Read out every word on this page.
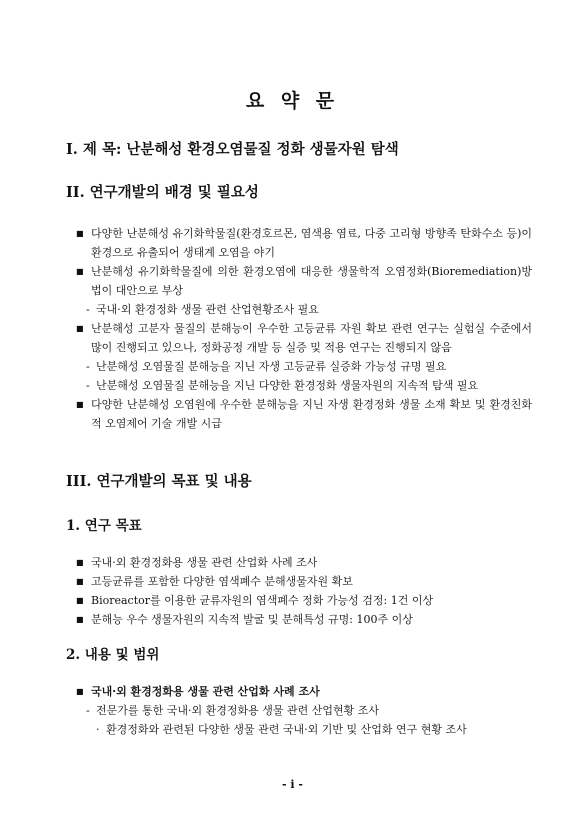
요 약 문
I. 제 목: 난분해성 환경오염물질 정화 생물자원 탐색
II. 연구개발의 배경 및 필요성
■ 다양한 난분해성 유기화학물질(환경호르몬, 염색용 염료, 다중 고리형 방향족 탄화수소 등)이 환경으로 유출되어 생태계 오염을 야기
■ 난분해성 유기화학물질에 의한 환경오염에 대응한 생물학적 오염정화(Bioremediation)방법이 대안으로 부상
- 국내·외 환경정화 생물 관련 산업현황조사 필요
■ 난분해성 고분자 물질의 분해능이 우수한 고등균류 자원 확보 관련 연구는 실험실 수준에서 많이 진행되고 있으나, 정화공정 개발 등 실증 및 적용 연구는 진행되지 않음
- 난분해성 오염물질 분해능을 지닌 자생 고등균류 실증화 가능성 규명 필요
- 난분해성 오염물질 분해능을 지닌 다양한 환경정화 생물자원의 지속적 탐색 필요
■ 다양한 난분해성 오염원에 우수한 분해능을 지닌 자생 환경정화 생물 소재 확보 및 환경친화적 오염제어 기술 개발 시급
III. 연구개발의 목표 및 내용
1. 연구 목표
■ 국내·외 환경정화용 생물 관련 산업화 사례 조사
■ 고등균류를 포함한 다양한 염색폐수 분해생물자원 확보
■ Bioreactor를 이용한 균류자원의 염색폐수 정화 가능성 검정: 1건 이상
■ 분해능 우수 생물자원의 지속적 발굴 및 분해특성 규명: 100주 이상
2. 내용 및 범위
■ 국내·외 환경정화용 생물 관련 산업화 사례 조사
- 전문가를 통한 국내·외 환경정화용 생물 관련 산업현황 조사
· 환경정화와 관련된 다양한 생물 관련 국내·외 기반 및 산업화 연구 현황 조사
- i -
